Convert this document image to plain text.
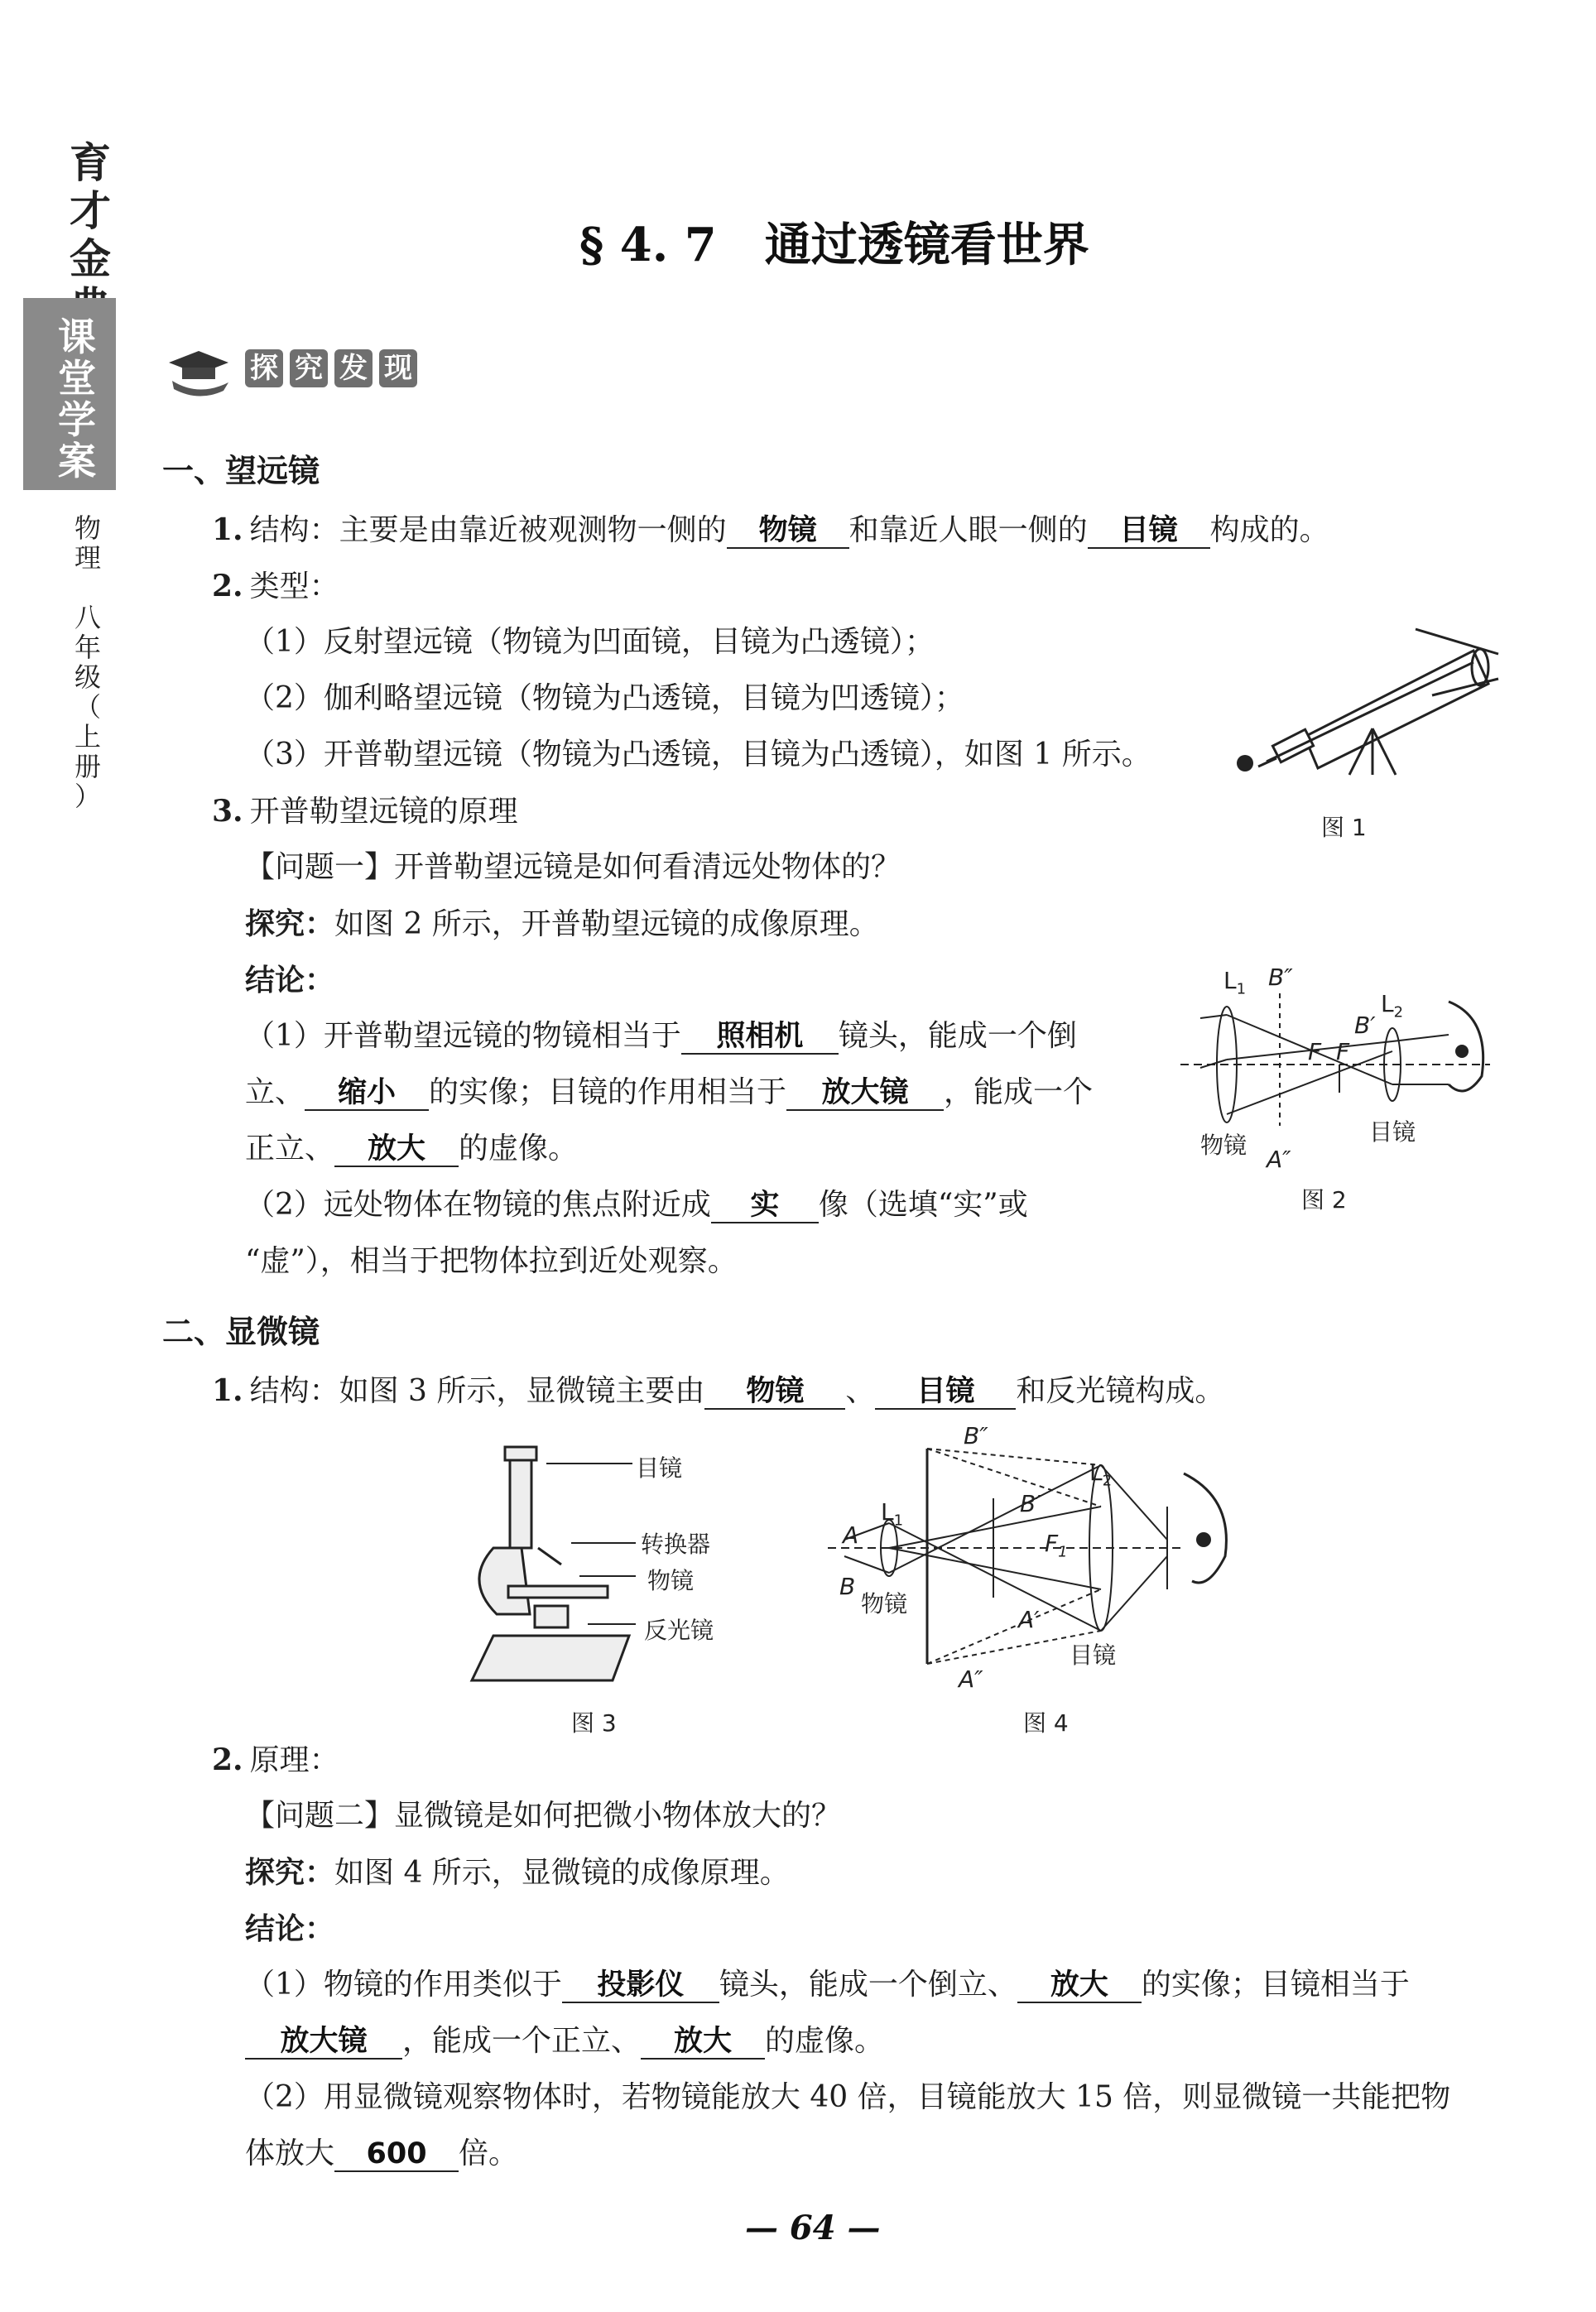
育
才
金
课
堂
学
案
物
理

八
年
级
（
上
册
）
§ 4. 7 通过透镜看世界
探 究 发 现
一、望远镜
1. 结构：主要是由靠近被观测物一侧的 物镜 和靠近人眼一侧的 目镜 构成的。
2. 类型：
（1）反射望远镜（物镜为凹面镜，目镜为凸透镜）；
（2）伽利略望远镜（物镜为凸透镜，目镜为凹透镜）；
（3）开普勒望远镜（物镜为凸透镜，目镜为凸透镜），如图 1 所示。
3. 开普勒望远镜的原理
【问题一】开普勒望远镜是如何看清远处物体的？
探究：如图 2 所示，开普勒望远镜的成像原理。
结论：
（1）开普勒望远镜的物镜相当于 照相机 镜头，能成一个倒
立、 缩小 的实像；目镜的作用相当于 放大镜 ，能成一个
正立、 放大 的虚像。
（2）远处物体在物镜的焦点附近成 实 像（选填“实”或
“虚”），相当于把物体拉到近处观察。
图 1
$L_1$ B″
B′
$L_2$
F F
物镜
A″
目镜
图 2
二、显微镜
1. 结构：如图 3 所示，显微镜主要由 物镜 、 目镜 和反光镜构成。
目镜
转换器
物镜
反光镜
图 3
B″
$L_2$
$L_1$
B′
A	$F_1$
B
物镜
A′
目镜
A″
图 4
2. 原理：
【问题二】显微镜是如何把微小物体放大的？
探究：如图 4 所示，显微镜的成像原理。
结论：
（1）物镜的作用类似于 投影仪 镜头，能成一个倒立、 放大 的实像；目镜相当于
放大镜 ，能成一个正立、 放大 的虚像。
（2）用显微镜观察物体时，若物镜能放大 40 倍，目镜能放大 15 倍，则显微镜一共能把物
体放大 600 倍。
— 64 —
